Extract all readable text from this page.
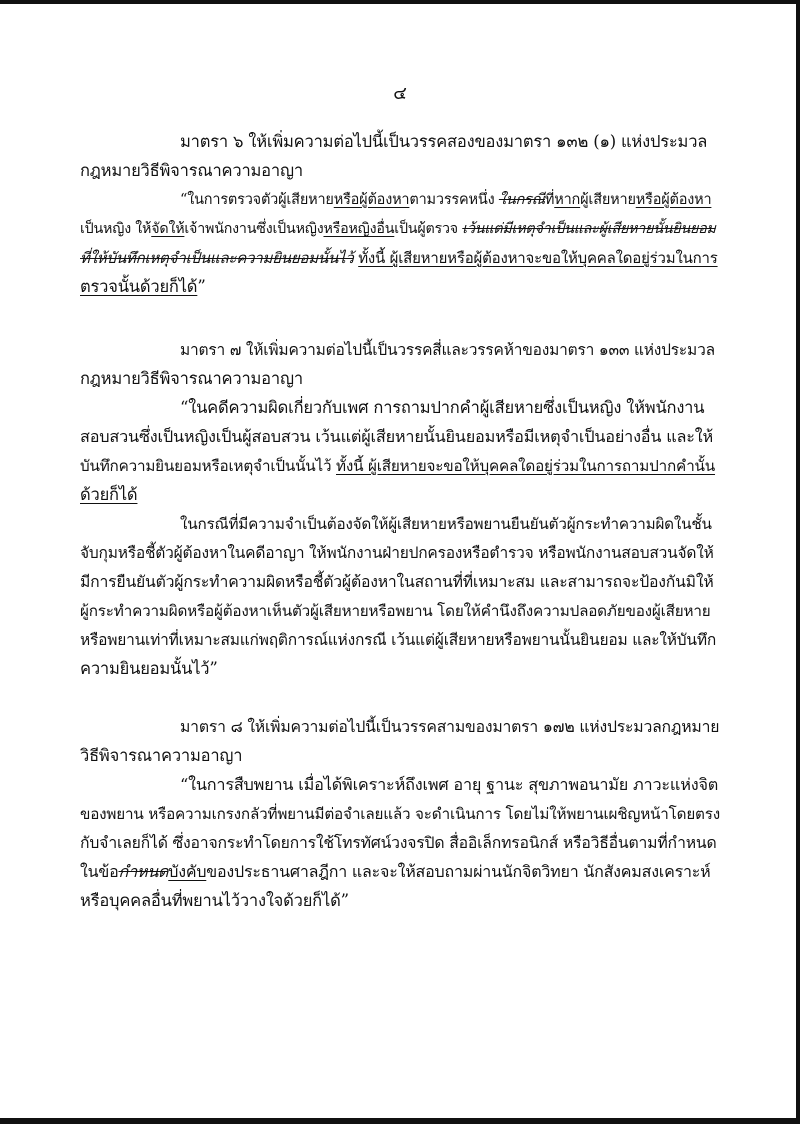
๔
มาตรา ๖ ให้เพิ่มความต่อไปนี้เป็นวรรคสองของมาตรา ๑๓๒ (๑) แห่งประมวล
กฎหมายวิธีพิจารณาความอาญา
“ในการตรวจตัวผู้เสียหายหรือผู้ต้องหาตามวรรคหนึ่ง ในกรณีที่หากผู้เสียหายหรือผู้ต้องหา
เป็นหญิง ให้จัดให้เจ้าพนักงานซึ่งเป็นหญิงหรือหญิงอื่นเป็นผู้ตรวจ เว้นแต่มีเหตุจำเป็นและผู้เสียหายนั้นยินยอม
ที่ให้บันทึกเหตุจำเป็นและความยินยอมนั้นไว้ ทั้งนี้ ผู้เสียหายหรือผู้ต้องหาจะขอให้บุคคลใดอยู่ร่วมในการ
ตรวจนั้นด้วยก็ได้”
มาตรา ๗ ให้เพิ่มความต่อไปนี้เป็นวรรคสี่และวรรคห้าของมาตรา ๑๓๓ แห่งประมวล
กฎหมายวิธีพิจารณาความอาญา
“ในคดีความผิดเกี่ยวกับเพศ การถามปากคำผู้เสียหายซึ่งเป็นหญิง ให้พนักงาน
สอบสวนซึ่งเป็นหญิงเป็นผู้สอบสวน เว้นแต่ผู้เสียหายนั้นยินยอมหรือมีเหตุจำเป็นอย่างอื่น และให้
บันทึกความยินยอมหรือเหตุจำเป็นนั้นไว้ ทั้งนี้ ผู้เสียหายจะขอให้บุคคลใดอยู่ร่วมในการถามปากคำนั้น
ด้วยก็ได้
ในกรณีที่มีความจำเป็นต้องจัดให้ผู้เสียหายหรือพยานยืนยันตัวผู้กระทำความผิดในชั้น
จับกุมหรือชี้ตัวผู้ต้องหาในคดีอาญา ให้พนักงานฝ่ายปกครองหรือตำรวจ หรือพนักงานสอบสวนจัดให้
มีการยืนยันตัวผู้กระทำความผิดหรือชี้ตัวผู้ต้องหาในสถานที่ที่เหมาะสม และสามารถจะป้องกันมิให้
ผู้กระทำความผิดหรือผู้ต้องหาเห็นตัวผู้เสียหายหรือพยาน โดยให้คำนึงถึงความปลอดภัยของผู้เสียหาย
หรือพยานเท่าที่เหมาะสมแก่พฤติการณ์แห่งกรณี เว้นแต่ผู้เสียหายหรือพยานนั้นยินยอม และให้บันทึก
ความยินยอมนั้นไว้”
มาตรา ๘ ให้เพิ่มความต่อไปนี้เป็นวรรคสามของมาตรา ๑๗๒ แห่งประมวลกฎหมาย
วิธีพิจารณาความอาญา
“ในการสืบพยาน เมื่อได้พิเคราะห์ถึงเพศ อายุ ฐานะ สุขภาพอนามัย ภาวะแห่งจิต
ของพยาน หรือความเกรงกลัวที่พยานมีต่อจำเลยแล้ว จะดำเนินการ โดยไม่ให้พยานเผชิญหน้าโดยตรง
กับจำเลยก็ได้ ซึ่งอาจกระทำโดยการใช้โทรทัศน์วงจรปิด สื่ออิเล็กทรอนิกส์ หรือวิธีอื่นตามที่กำหนด
ในข้อกำหนดบังคับของประธานศาลฎีกา และจะให้สอบถามผ่านนักจิตวิทยา นักสังคมสงเคราะห์
หรือบุคคลอื่นที่พยานไว้วางใจด้วยก็ได้”
